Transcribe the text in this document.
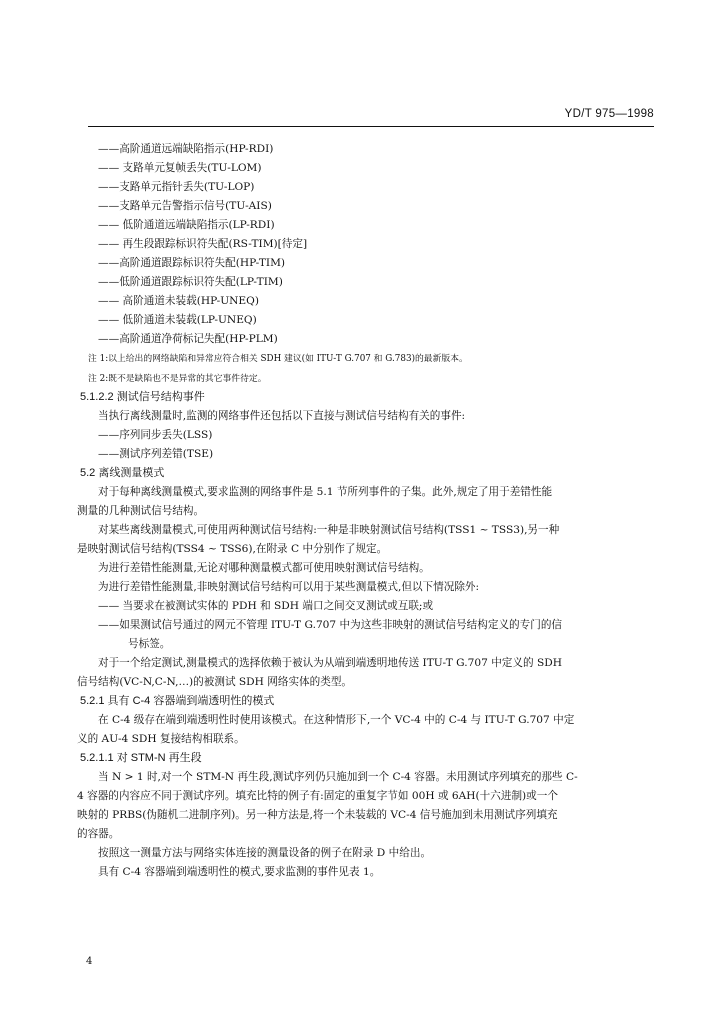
YD/T 975—1998
——高阶通道远端缺陷指示(HP-RDI)
—— 支路单元复帧丢失(TU-LOM)
——支路单元指针丢失(TU-LOP)
——支路单元告警指示信号(TU-AIS)
—— 低阶通道远端缺陷指示(LP-RDI)
—— 再生段跟踪标识符失配(RS-TIM)[待定]
——高阶通道跟踪标识符失配(HP-TIM)
——低阶通道跟踪标识符失配(LP-TIM)
—— 高阶通道未装载(HP-UNEQ)
—— 低阶通道未装载(LP-UNEQ)
——高阶通道净荷标记失配(HP-PLM)
注 1:以上给出的网络缺陷和异常应符合相关 SDH 建议(如 ITU-T G.707 和 G.783)的最新版本。
注 2:既不是缺陷也不是异常的其它事件待定。
5.1.2.2 测试信号结构事件
当执行离线测量时,监测的网络事件还包括以下直接与测试信号结构有关的事件:
——序列同步丢失(LSS)
——测试序列差错(TSE)
5.2 离线测量模式
对于每种离线测量模式,要求监测的网络事件是 5.1 节所列事件的子集。此外,规定了用于差错性能
测量的几种测试信号结构。
对某些离线测量模式,可使用两种测试信号结构:一种是非映射测试信号结构(TSS1 ~ TSS3),另一种
是映射测试信号结构(TSS4 ~ TSS6),在附录 C 中分别作了规定。
为进行差错性能测量,无论对哪种测量模式都可使用映射测试信号结构。
为进行差错性能测量,非映射测试信号结构可以用于某些测量模式,但以下情况除外:
—— 当要求在被测试实体的 PDH 和 SDH 端口之间交叉测试或互联;或
——如果测试信号通过的网元不管理 ITU-T G.707 中为这些非映射的测试信号结构定义的专门的信
号标签。
对于一个给定测试,测量模式的选择依赖于被认为从端到端透明地传送 ITU-T G.707 中定义的 SDH
信号结构(VC-N,C-N,…)的被测试 SDH 网络实体的类型。
5.2.1 具有 C-4 容器端到端透明性的模式
在 C-4 级存在端到端透明性时使用该模式。在这种情形下,一个 VC-4 中的 C-4 与 ITU-T G.707 中定
义的 AU-4 SDH 复接结构相联系。
5.2.1.1 对 STM-N 再生段
当 N > 1 时,对一个 STM-N 再生段,测试序列仍只施加到一个 C-4 容器。未用测试序列填充的那些 C-
4 容器的内容应不同于测试序列。填充比特的例子有:固定的重复字节如 00H 或 6AH(十六进制)或一个
映射的 PRBS(伪随机二进制序列)。另一种方法是,将一个未装载的 VC-4 信号施加到未用测试序列填充
的容器。
按照这一测量方法与网络实体连接的测量设备的例子在附录 D 中给出。
具有 C-4 容器端到端透明性的模式,要求监测的事件见表 1。
4
